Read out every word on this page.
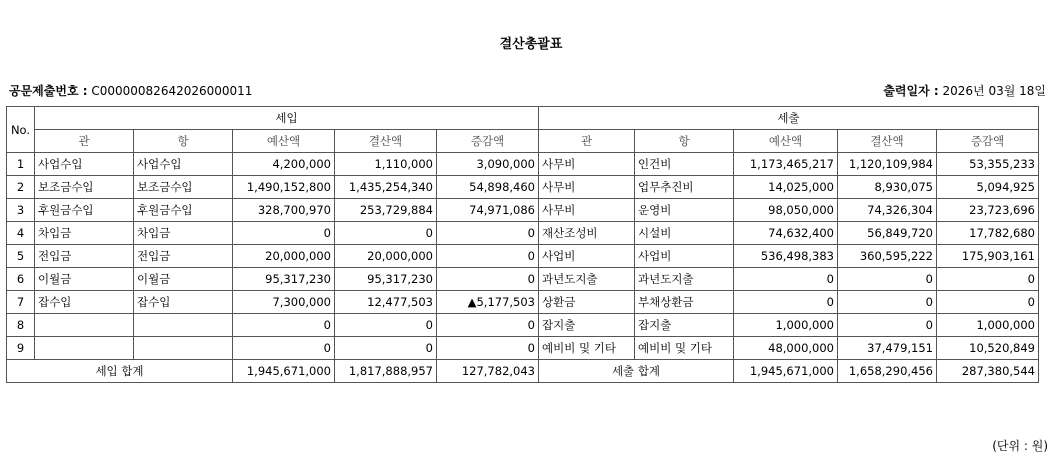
결산총괄표
공문제출번호 : C00000082642026000011	출력일자 : 2026년 03월 18일
No.	세입					세출				
	관	항	예산액	결산액	증감액	관	항	예산액	결산액	증감액
1	사업수입	사업수입	4,200,000	1,110,000	3,090,000	사무비	인건비	1,173,465,217	1,120,109,984	53,355,233
2	보조금수입	보조금수입	1,490,152,800	1,435,254,340	54,898,460	사무비	업무추진비	14,025,000	8,930,075	5,094,925
3	후원금수입	후원금수입	328,700,970	253,729,884	74,971,086	사무비	운영비	98,050,000	74,326,304	23,723,696
4	차입금	차입금	0	0	0	재산조성비	시설비	74,632,400	56,849,720	17,782,680
5	전입금	전입금	20,000,000	20,000,000	0	사업비	사업비	536,498,383	360,595,222	175,903,161
6	이월금	이월금	95,317,230	95,317,230	0	과년도지출	과년도지출	0	0	0
7	잡수입	잡수입	7,300,000	12,477,503	▲5,177,503	상환금	부채상환금	0	0	0
8			0	0	0	잡지출	잡지출	1,000,000	0	1,000,000
9			0	0	0	예비비 및 기타	예비비 및 기타	48,000,000	37,479,151	10,520,849
세입 합계			1,945,671,000	1,817,888,957	127,782,043	세출 합계		1,945,671,000	1,658,290,456	287,380,544
(단위 : 원)
